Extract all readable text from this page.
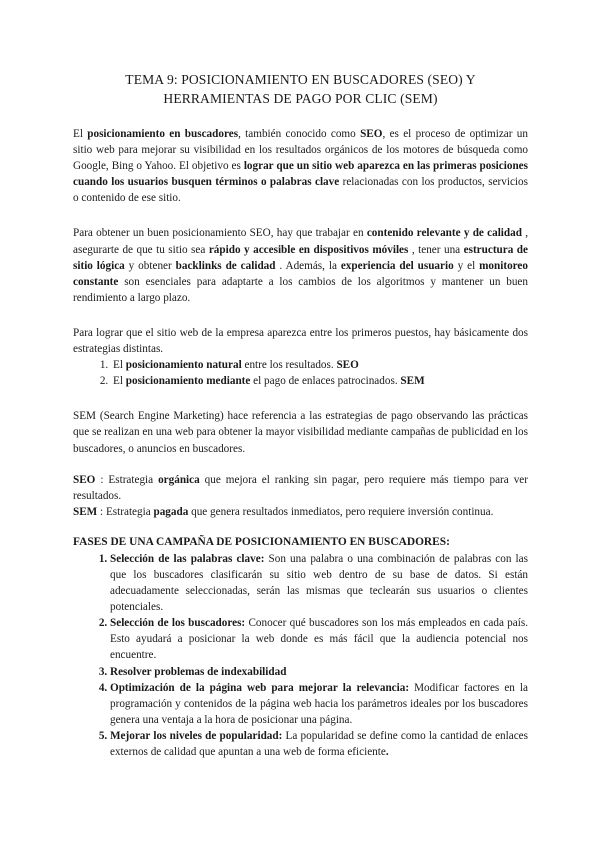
TEMA 9: POSICIONAMIENTO EN BUSCADORES (SEO) Y
HERRAMIENTAS DE PAGO POR CLIC (SEM)

El posicionamiento en buscadores, también conocido como SEO, es el proceso de optimizar un sitio web para mejorar su visibilidad en los resultados orgánicos de los motores de búsqueda como Google, Bing o Yahoo. El objetivo es lograr que un sitio web aparezca en las primeras posiciones cuando los usuarios busquen términos o palabras clave relacionadas con los productos, servicios o contenido de ese sitio.

Para obtener un buen posicionamiento SEO, hay que trabajar en contenido relevante y de calidad , asegurarte de que tu sitio sea rápido y accesible en dispositivos móviles , tener una estructura de sitio lógica y obtener backlinks de calidad . Además, la experiencia del usuario y el monitoreo constante son esenciales para adaptarte a los cambios de los algoritmos y mantener un buen rendimiento a largo plazo.

Para lograr que el sitio web de la empresa aparezca entre los primeros puestos, hay básicamente dos estrategias distintas.

1. El posicionamiento natural entre los resultados. SEO
2. El posicionamiento mediante el pago de enlaces patrocinados. SEM

SEM (Search Engine Marketing) hace referencia a las estrategias de pago observando las prácticas que se realizan en una web para obtener la mayor visibilidad mediante campañas de publicidad en los buscadores, o anuncios en buscadores.

SEO : Estrategia orgánica que mejora el ranking sin pagar, pero requiere más tiempo para ver resultados.

SEM : Estrategia pagada que genera resultados inmediatos, pero requiere inversión continua.

FASES DE UNA CAMPAÑA DE POSICIONAMIENTO EN BUSCADORES:
1. Selección de las palabras clave: Son una palabra o una combinación de palabras con las que los buscadores clasificarán su sitio web dentro de su base de datos. Si están adecuadamente seleccionadas, serán las mismas que teclearán sus usuarios o clientes potenciales.
2. Selección de los buscadores: Conocer qué buscadores son los más empleados en cada país. Esto ayudará a posicionar la web donde es más fácil que la audiencia potencial nos encuentre.
3. Resolver problemas de indexabilidad
4. Optimización de la página web para mejorar la relevancia: Modificar factores en la programación y contenidos de la página web hacia los parámetros ideales por los buscadores genera una ventaja a la hora de posicionar una página.
5. Mejorar los niveles de popularidad: La popularidad se define como la cantidad de enlaces externos de calidad que apuntan a una web de forma eficiente.
